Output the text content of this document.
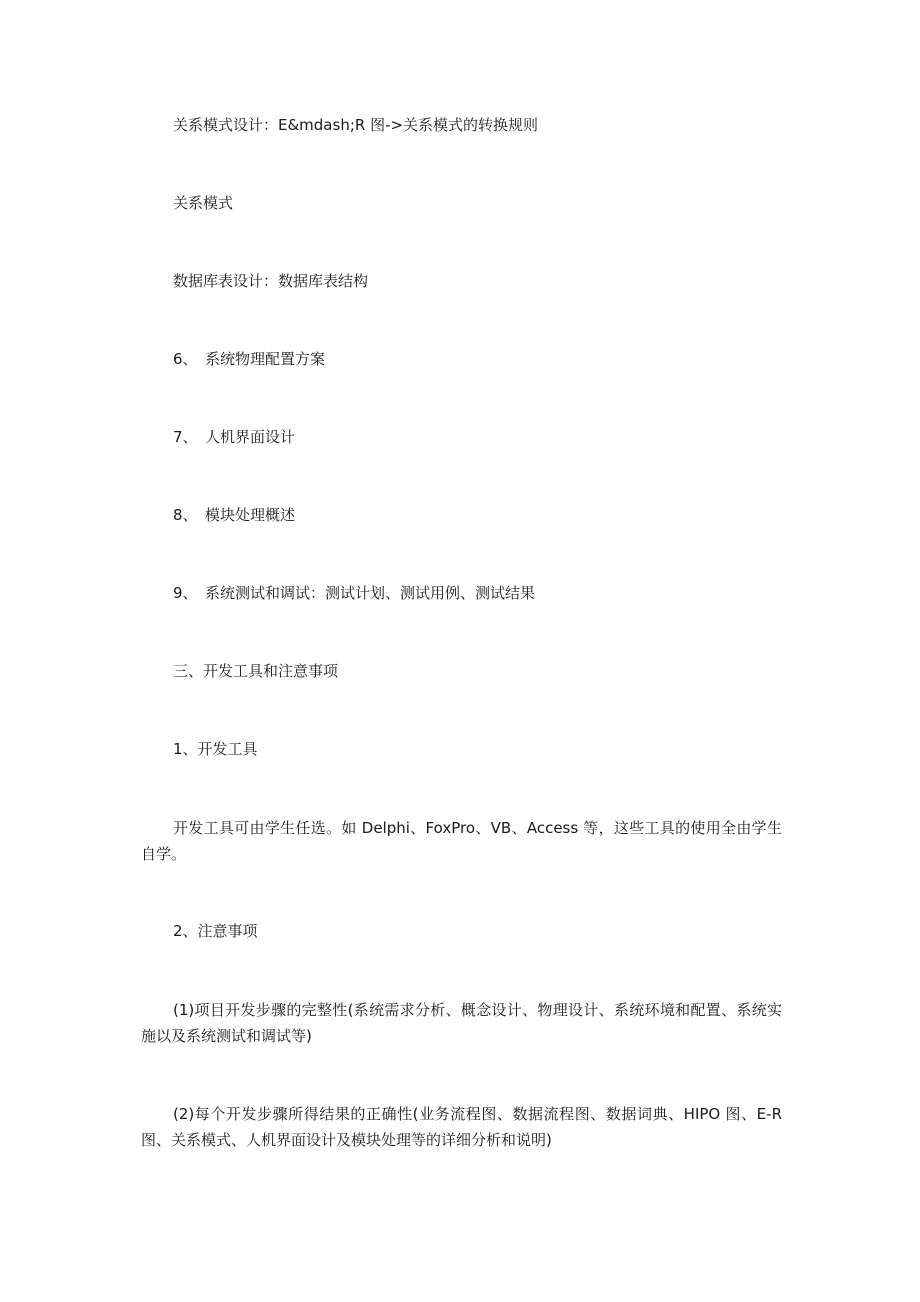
关系模式设计：E&mdash;R 图->关系模式的转换规则

关系模式

数据库表设计：数据库表结构

6、 系统物理配置方案

7、 人机界面设计

8、 模块处理概述

9、 系统测试和调试：测试计划、测试用例、测试结果

三、开发工具和注意事项

1、开发工具

开发工具可由学生任选。如 Delphi、FoxPro、VB、Access 等，这些工具的使用全由学生自学。

2、注意事项

(1)项目开发步骤的完整性(系统需求分析、概念设计、物理设计、系统环境和配置、系统实施以及系统测试和调试等)

(2)每个开发步骤所得结果的正确性(业务流程图、数据流程图、数据词典、HIPO 图、E-R 图、关系模式、人机界面设计及模块处理等的详细分析和说明)
